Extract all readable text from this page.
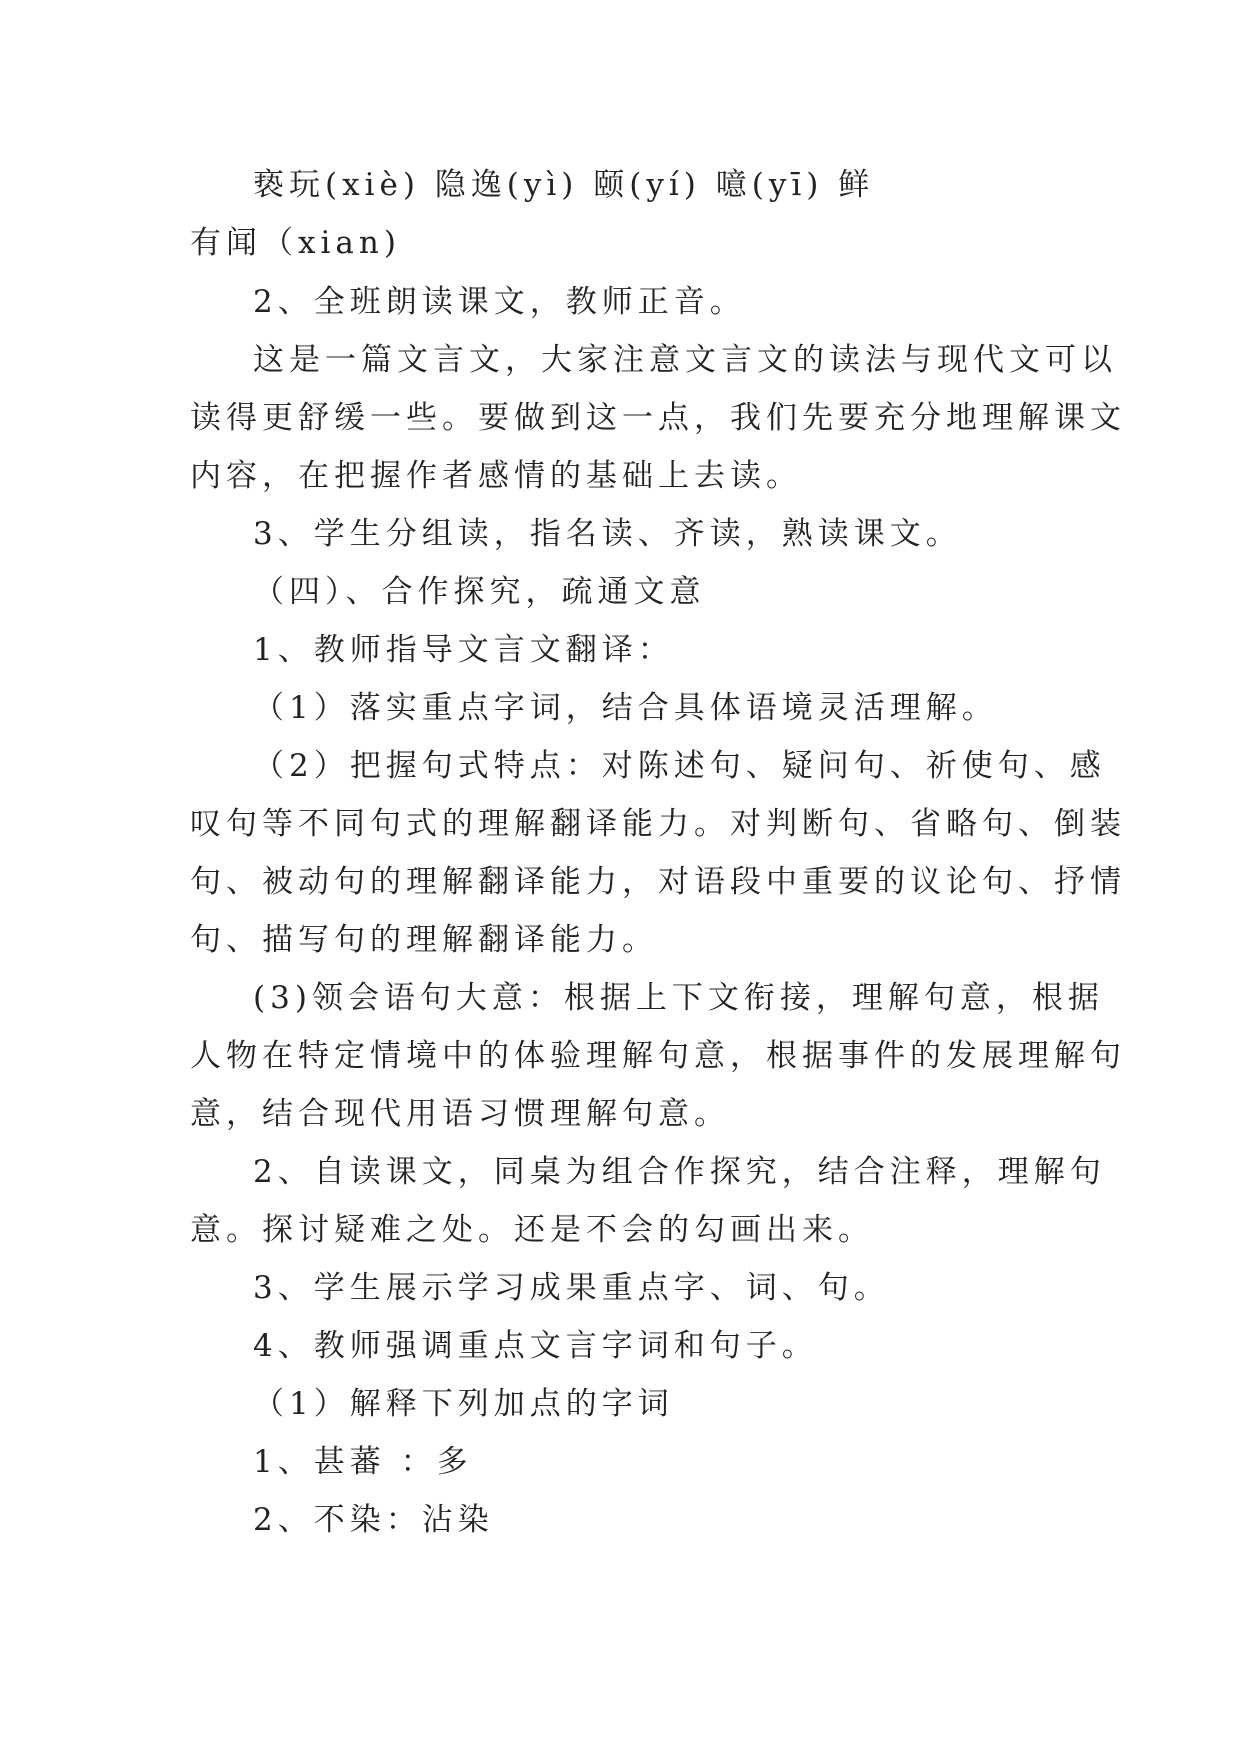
亵玩(xiè) 隐逸(yì) 颐(yí) 噫(yī) 鲜

有闻（xian)

2、全班朗读课文，教师正音。

这是一篇文言文，大家注意文言文的读法与现代文可以

读得更舒缓一些。要做到这一点，我们先要充分地理解课文

内容，在把握作者感情的基础上去读。

3、学生分组读，指名读、齐读，熟读课文。

（四）、合作探究，疏通文意

1、教师指导文言文翻译：

（1）落实重点字词，结合具体语境灵活理解。

（2）把握句式特点：对陈述句、疑问句、祈使句、感

叹句等不同句式的理解翻译能力。对判断句、省略句、倒装

句、被动句的理解翻译能力，对语段中重要的议论句、抒情

句、描写句的理解翻译能力。

(3)领会语句大意：根据上下文衔接，理解句意，根据

人物在特定情境中的体验理解句意，根据事件的发展理解句

意，结合现代用语习惯理解句意。

2、自读课文，同桌为组合作探究，结合注释，理解句

意。探讨疑难之处。还是不会的勾画出来。

3、学生展示学习成果重点字、词、句。

4、教师强调重点文言字词和句子。

（1）解释下列加点的字词

1、甚蕃 ：多

2、不染：沾染
